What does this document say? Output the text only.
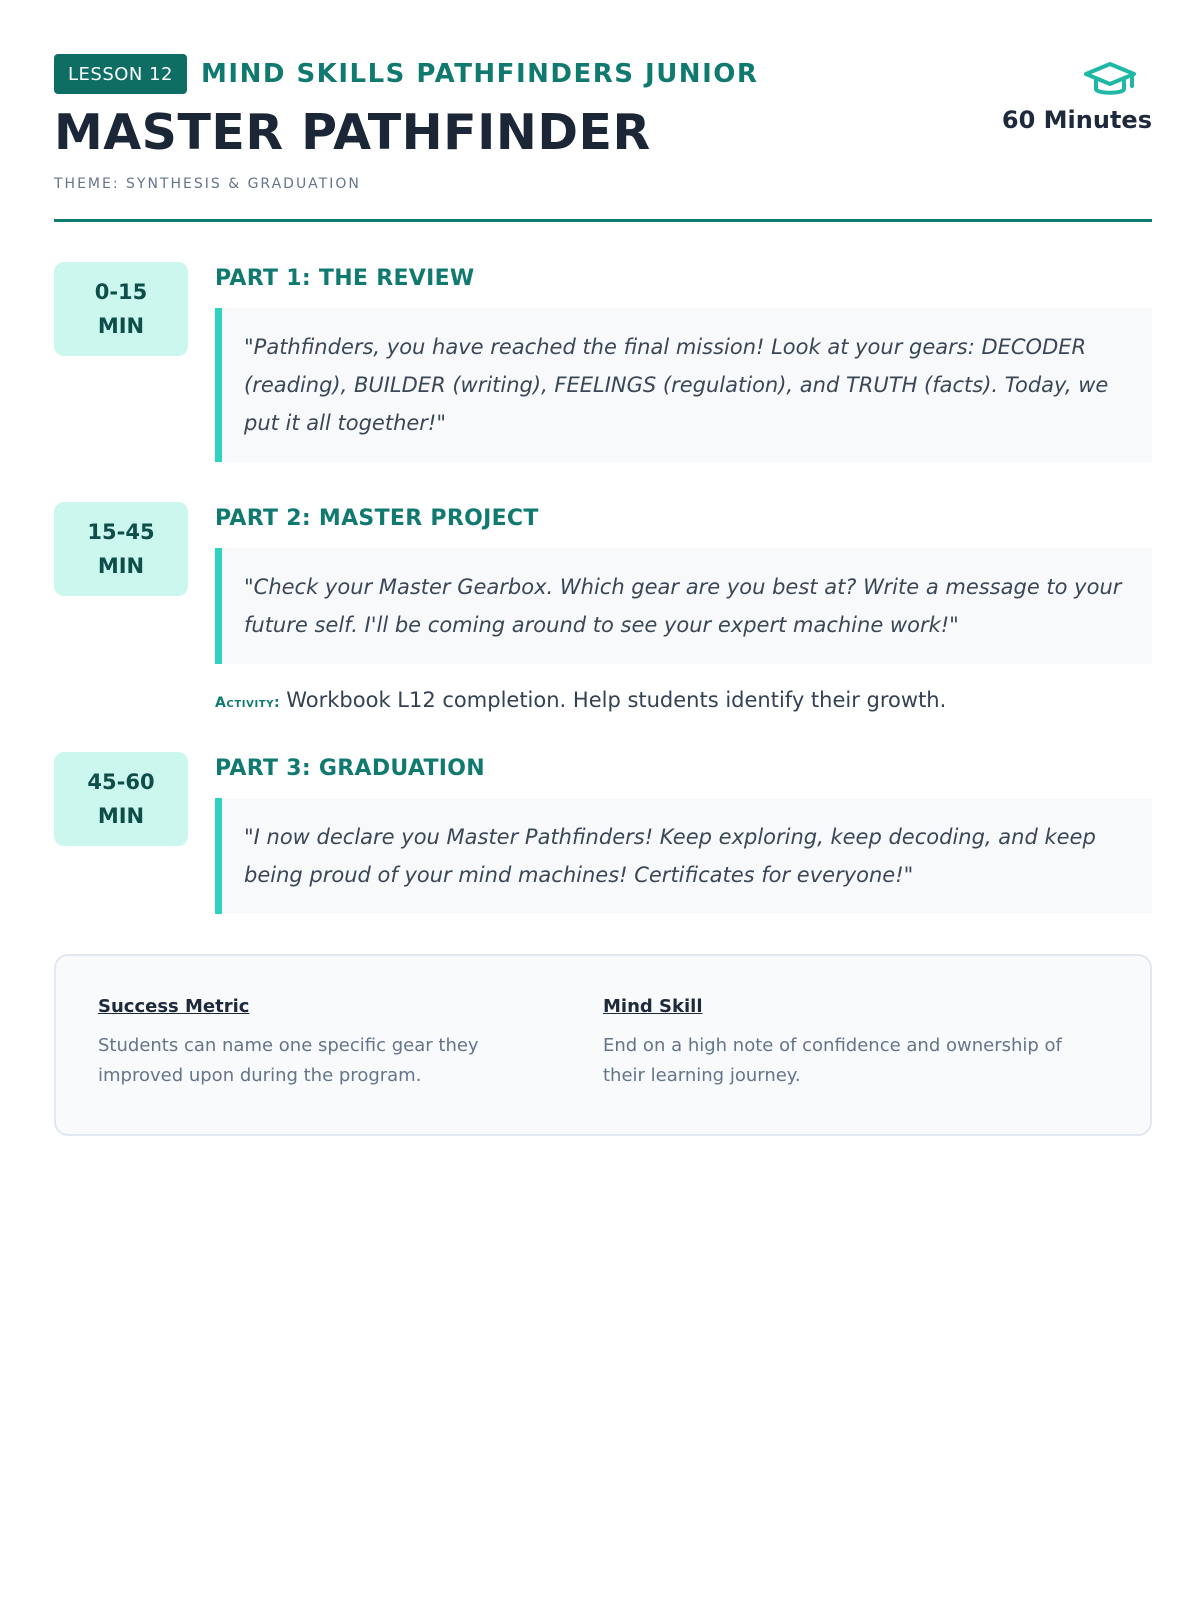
LESSON 12	MIND SKILLS PATHFINDERS JUNIOR
MASTER PATHFINDER
THEME: SYNTHESIS & GRADUATION
60 Minutes
0-15
MIN
PART 1: THE REVIEW
"Pathfinders, you have reached the final mission! Look at your gears: DECODER (reading), BUILDER (writing), FEELINGS (regulation), and TRUTH (facts). Today, we put it all together!"
15-45
MIN
PART 2: MASTER PROJECT
"Check your Master Gearbox. Which gear are you best at? Write a message to your future self. I'll be coming around to see your expert machine work!"
Activity: Workbook L12 completion. Help students identify their growth.
45-60
MIN
PART 3: GRADUATION
"I now declare you Master Pathfinders! Keep exploring, keep decoding, and keep being proud of your mind machines! Certificates for everyone!"
Success Metric
Students can name one specific gear they improved upon during the program.
Mind Skill
End on a high note of confidence and ownership of their learning journey.
